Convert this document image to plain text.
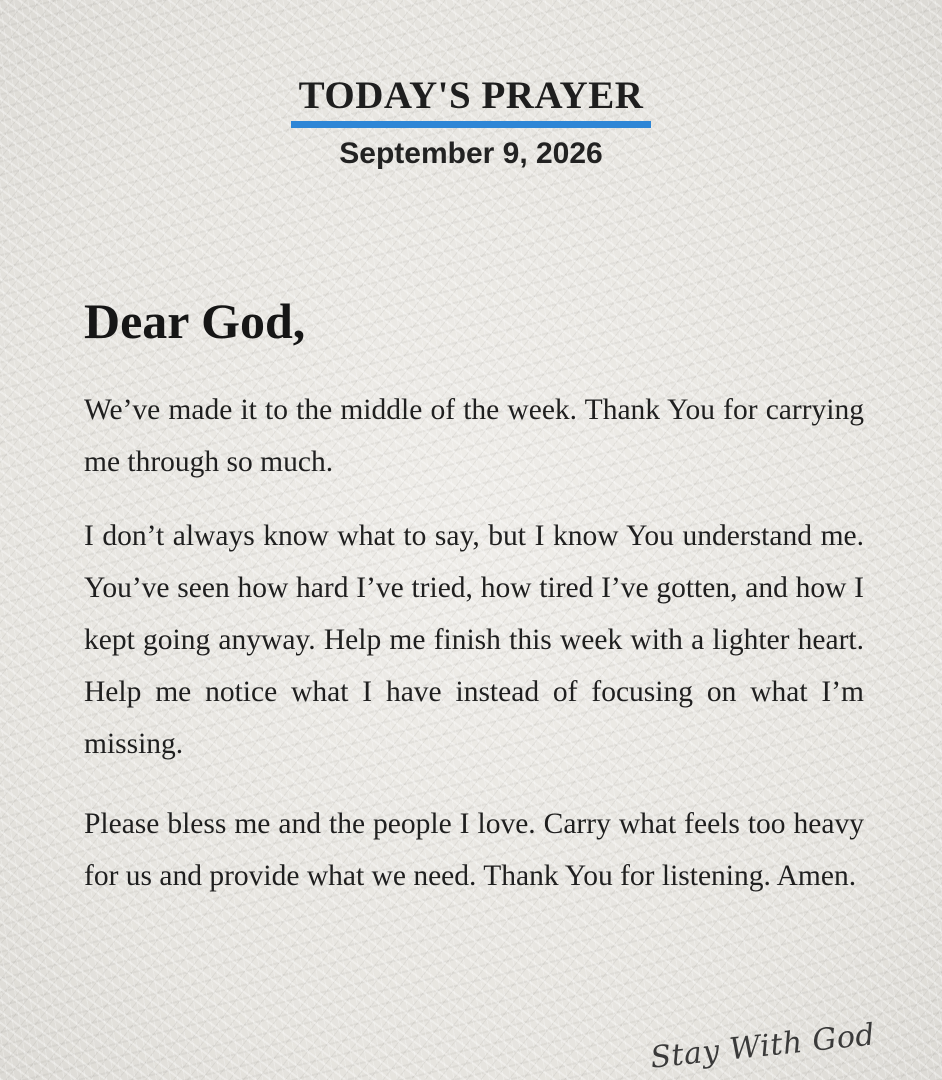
TODAY'S PRAYER
September 9, 2026
Dear God,

We’ve made it to the middle of the week. Thank You for carrying me through so much.

I don’t always know what to say, but I know You understand me. You’ve seen how hard I’ve tried, how tired I’ve gotten, and how I kept going anyway. Help me finish this week with a lighter heart. Help me notice what I have instead of focusing on what I’m missing.

Please bless me and the people I love. Carry what feels too heavy for us and provide what we need. Thank You for listening. Amen.

Stay With God
